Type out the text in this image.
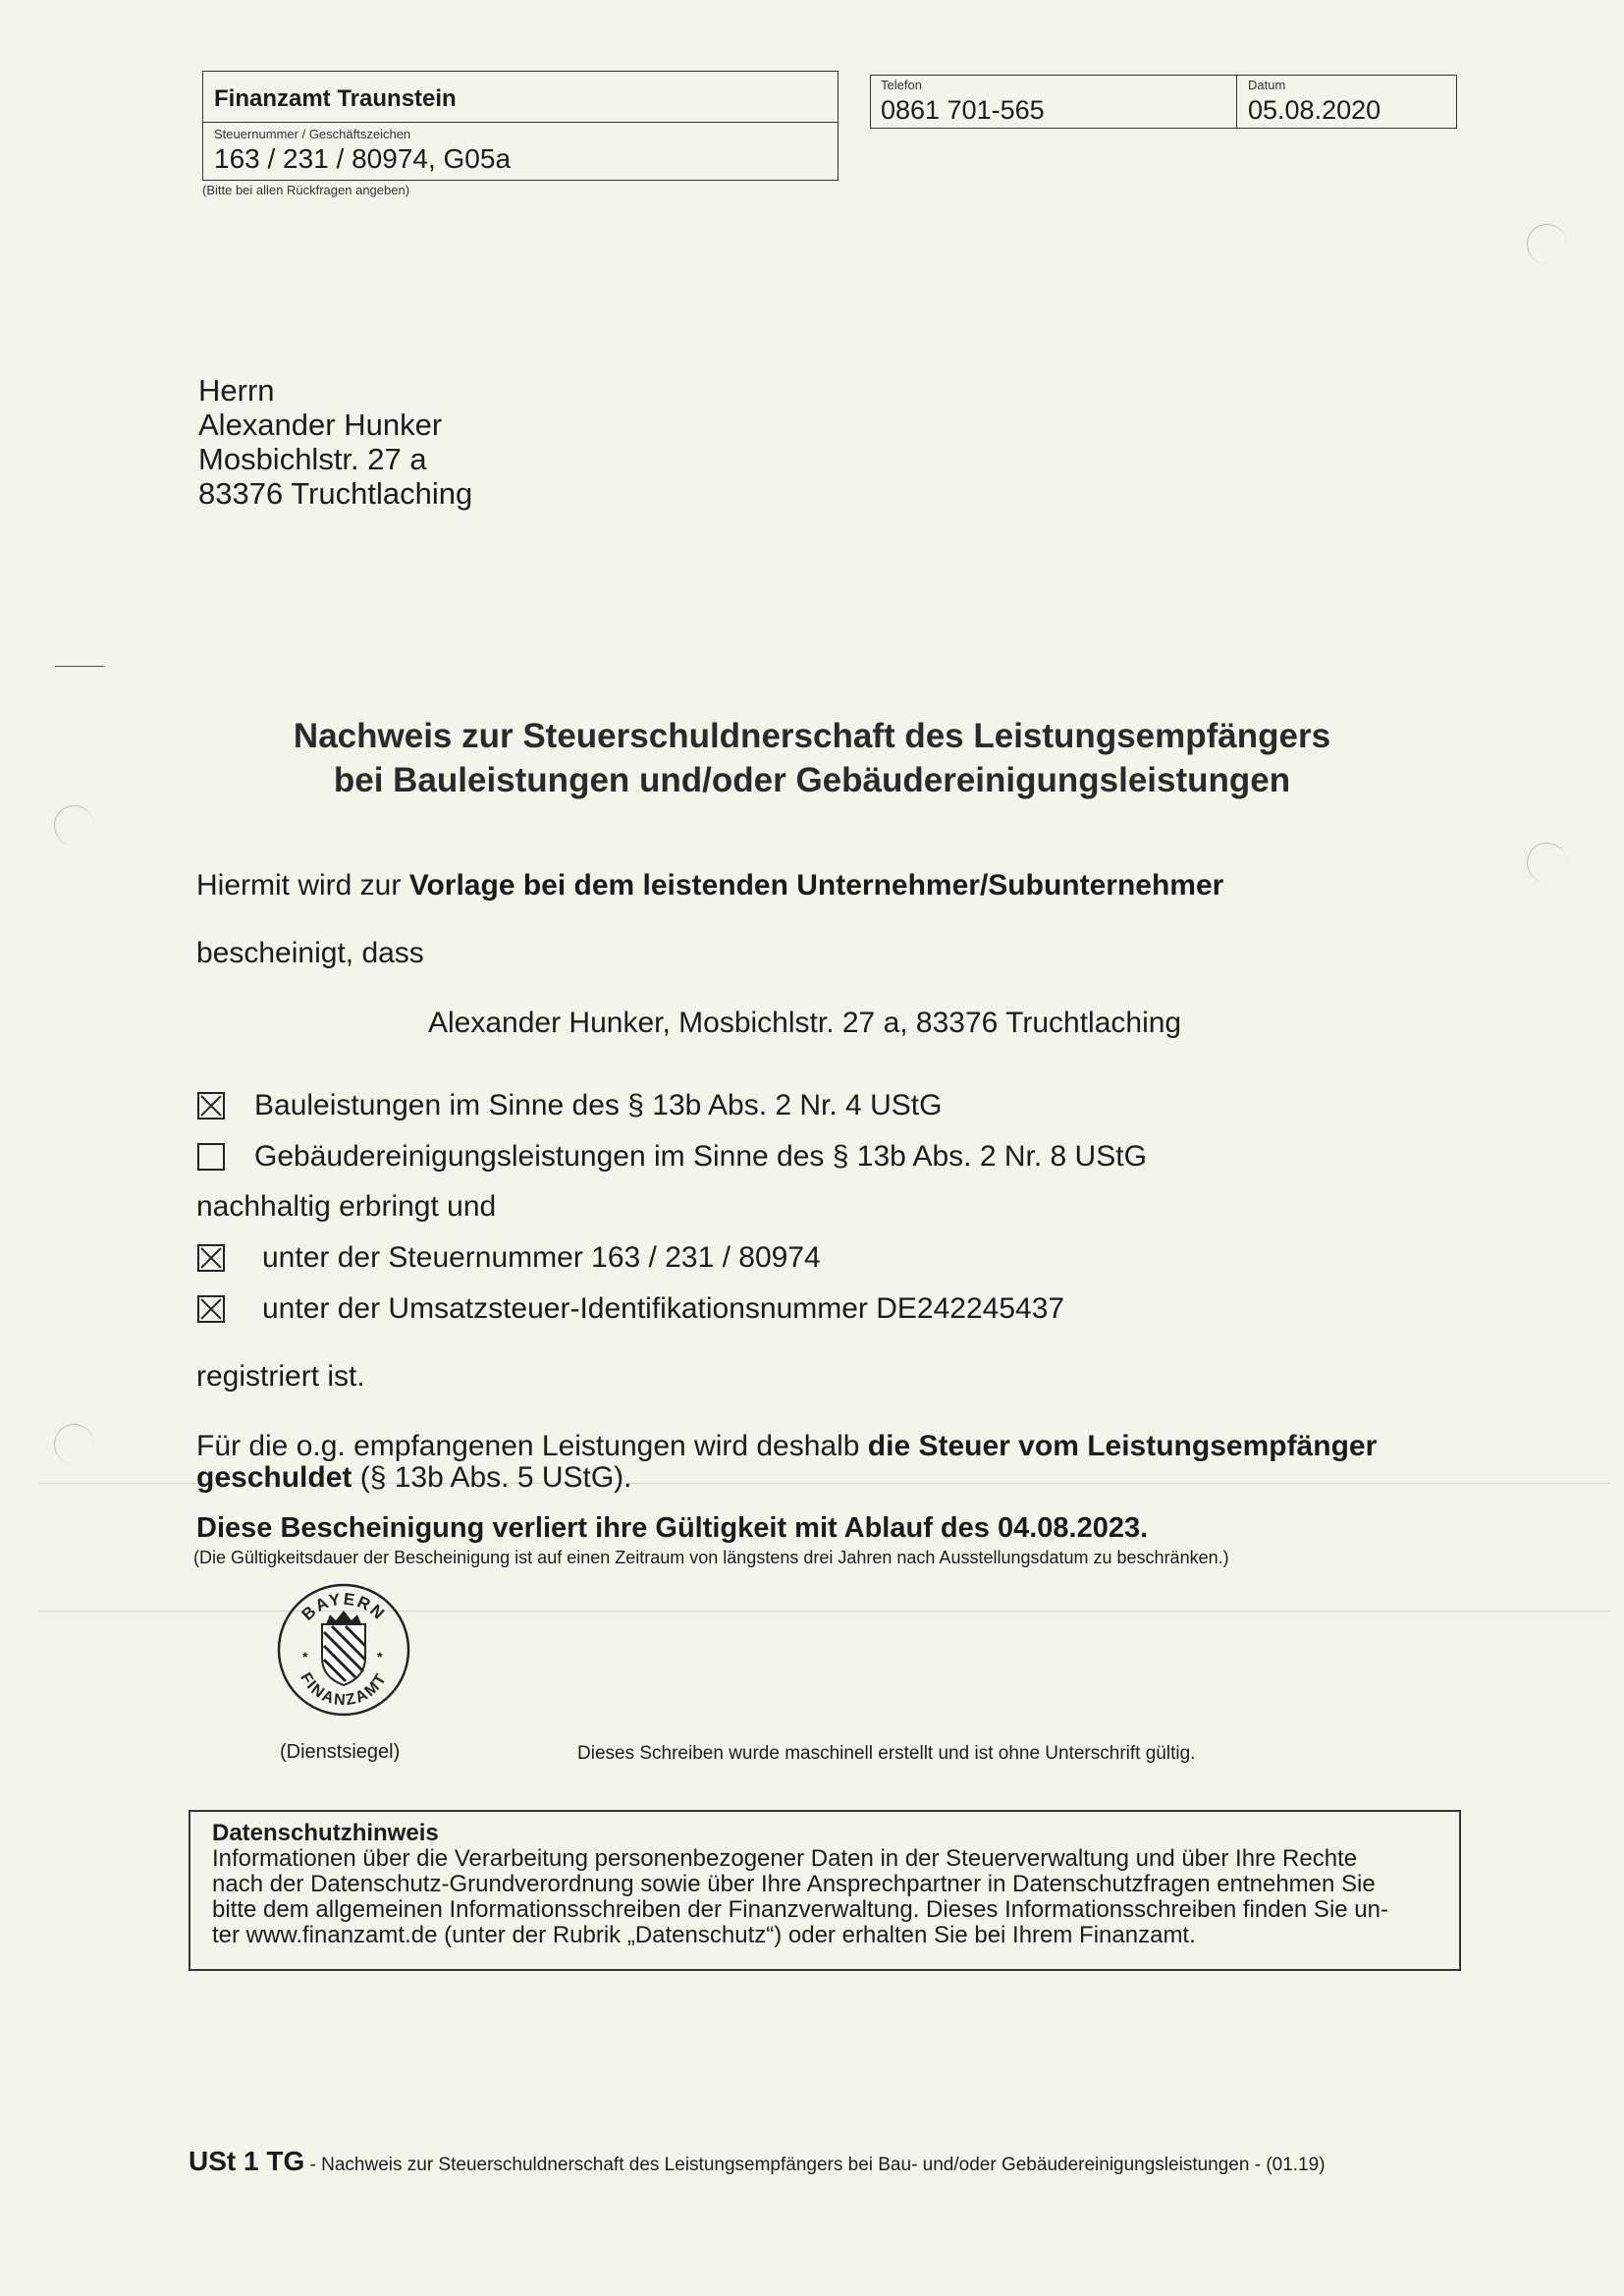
Finanzamt Traunstein
Steuernummer / Geschäftszeichen
163 / 231 / 80974, G05a
(Bitte bei allen Rückfragen angeben)
Telefon
0861 701-565
Datum
05.08.2020
Herrn
Alexander Hunker
Mosbichlstr. 27 a
83376 Truchtlaching
Nachweis zur Steuerschuldnerschaft des Leistungsempfängers
bei Bauleistungen und/oder Gebäudereinigungsleistungen
Hiermit wird zur Vorlage bei dem leistenden Unternehmer/Subunternehmer
bescheinigt, dass
Alexander Hunker, Mosbichlstr. 27 a, 83376 Truchtlaching
Bauleistungen im Sinne des § 13b Abs. 2 Nr. 4 UStG
Gebäudereinigungsleistungen im Sinne des § 13b Abs. 2 Nr. 8 UStG
nachhaltig erbringt und
unter der Steuernummer 163 / 231 / 80974
unter der Umsatzsteuer-Identifikationsnummer DE242245437
registriert ist.
Für die o.g. empfangenen Leistungen wird deshalb die Steuer vom Leistungsempfänger
geschuldet (§ 13b Abs. 5 UStG).
Diese Bescheinigung verliert ihre Gültigkeit mit Ablauf des 04.08.2023.
(Die Gültigkeitsdauer der Bescheinigung ist auf einen Zeitraum von längstens drei Jahren nach Ausstellungsdatum zu beschränken.)
BAYERN
FINANZAMT
*	*
(Dienstsiegel)	Dieses Schreiben wurde maschinell erstellt und ist ohne Unterschrift gültig.
Datenschutzhinweis
Informationen über die Verarbeitung personenbezogener Daten in der Steuerverwaltung und über Ihre Rechte
nach der Datenschutz-Grundverordnung sowie über Ihre Ansprechpartner in Datenschutzfragen entnehmen Sie
bitte dem allgemeinen Informationsschreiben der Finanzverwaltung. Dieses Informationsschreiben finden Sie un-
ter www.finanzamt.de (unter der Rubrik „Datenschutz“) oder erhalten Sie bei Ihrem Finanzamt.
USt 1 TG - Nachweis zur Steuerschuldnerschaft des Leistungsempfängers bei Bau- und/oder Gebäudereinigungsleistungen - (01.19)
